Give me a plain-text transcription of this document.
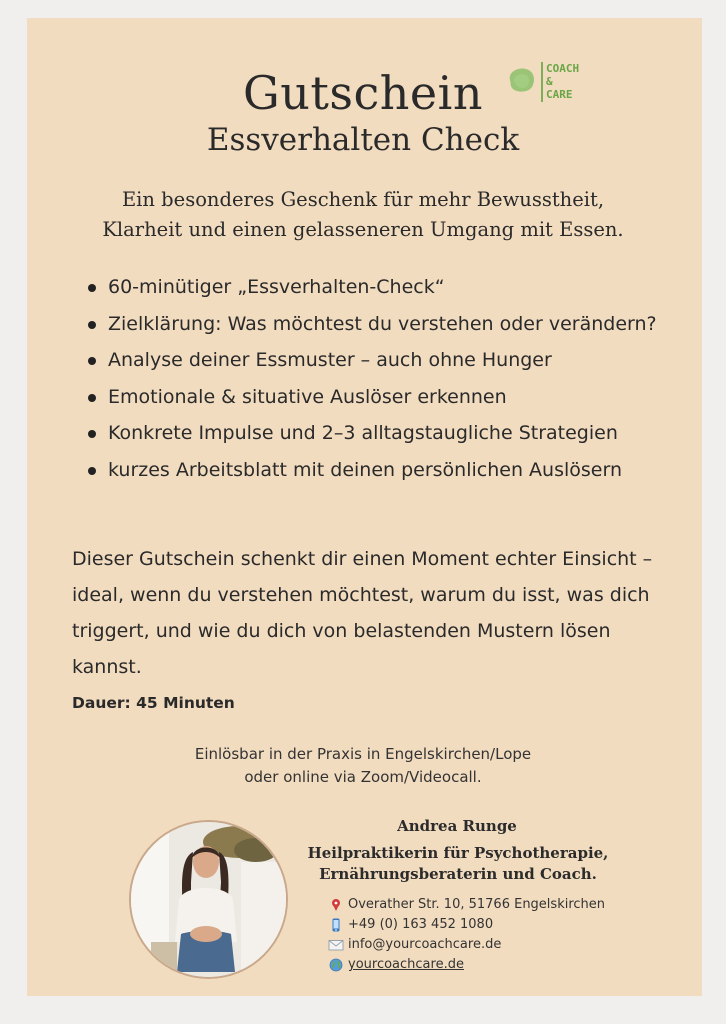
COACH
&
CARE
Gutschein
Essverhalten Check
Ein besonderes Geschenk für mehr Bewusstheit,
Klarheit und einen gelasseneren Umgang mit Essen.
60-minütiger „Essverhalten-Check“
Zielklärung: Was möchtest du verstehen oder verändern?
Analyse deiner Essmuster – auch ohne Hunger
Emotionale & situative Auslöser erkennen
Konkrete Impulse und 2–3 alltagstaugliche Strategien
kurzes Arbeitsblatt mit deinen persönlichen Auslösern
Dieser Gutschein schenkt dir einen Moment echter Einsicht – ideal, wenn du verstehen möchtest, warum du isst, was dich triggert, und wie du dich von belastenden Mustern lösen kannst.
Dauer: 45 Minuten
Einlösbar in der Praxis in Engelskirchen/Lope
oder online via Zoom/Videocall.
Andrea Runge
Heilpraktikerin für Psychotherapie,
Ernährungsberaterin und Coach.
Overather Str. 10, 51766 Engelskirchen
+49 (0) 163 452 1080
info@yourcoachcare.de
yourcoachcare.de
